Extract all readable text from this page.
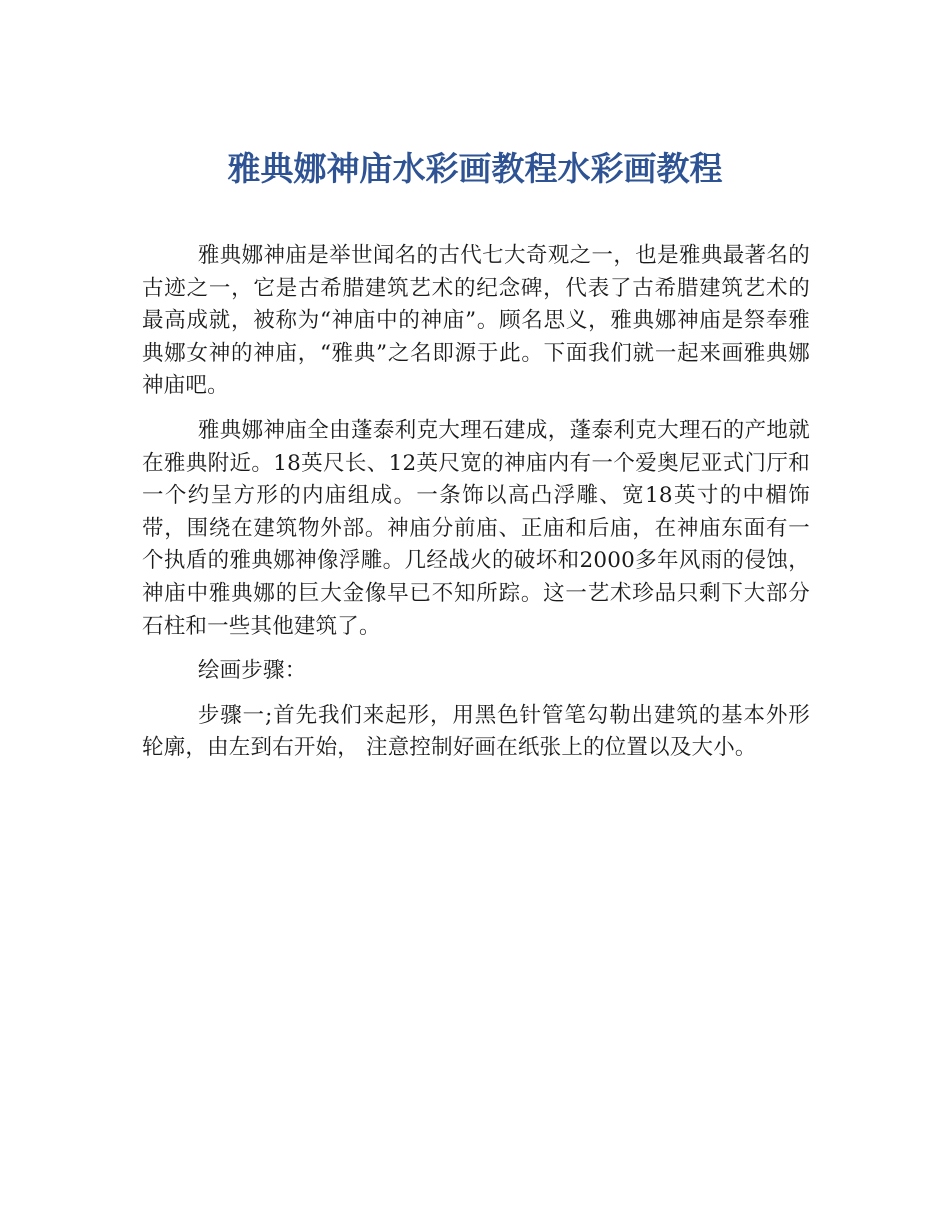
雅典娜神庙水彩画教程水彩画教程

雅典娜神庙是举世闻名的古代七大奇观之一，也是雅典最著名的古迹之一，它是古希腊建筑艺术的纪念碑，代表了古希腊建筑艺术的最高成就，被称为“神庙中的神庙”。顾名思义，雅典娜神庙是祭奉雅典娜女神的神庙，“雅典”之名即源于此。下面我们就一起来画雅典娜神庙吧。

雅典娜神庙全由蓬泰利克大理石建成，蓬泰利克大理石的产地就在雅典附近。18英尺长、12英尺宽的神庙内有一个爱奥尼亚式门厅和一个约呈方形的内庙组成。一条饰以高凸浮雕、宽18英寸的中楣饰带，围绕在建筑物外部。神庙分前庙、正庙和后庙，在神庙东面有一个执盾的雅典娜神像浮雕。几经战火的破坏和2000多年风雨的侵蚀，神庙中雅典娜的巨大金像早已不知所踪。这一艺术珍品只剩下大部分石柱和一些其他建筑了。

绘画步骤：

步骤一;首先我们来起形，用黑色针管笔勾勒出建筑的基本外形轮廓，由左到右开始， 注意控制好画在纸张上的位置以及大小。
